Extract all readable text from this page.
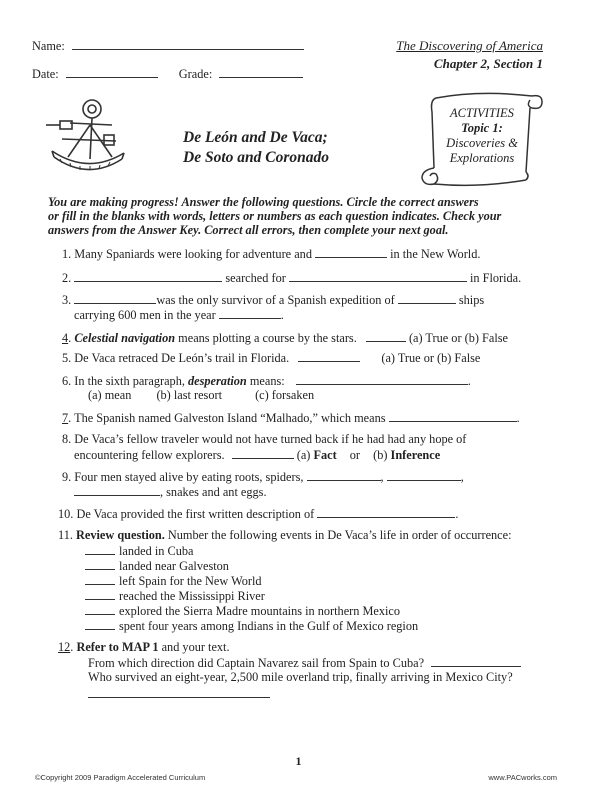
Name:
Date:	Grade:
The Discovering of America
Chapter 2, Section 1
De León and De Vaca;
De Soto and Coronado
ACTIVITIES
Topic 1:
Discoveries &
Explorations
You are making progress! Answer the following questions. Circle the correct answers
or fill in the blanks with words, letters or numbers as each question indicates. Check your
answers from the Answer Key. Correct all errors, then complete your next goal.
1. Many Spaniards were looking for adventure and	in the New World.
2.	searched for	in Florida.
3.	was the only survivor of a Spanish expedition of	ships
carrying 600 men in the year	.
4. Celestial navigation means plotting a course by the stars.	(a) True or (b) False
5. De Vaca retraced De León’s trail in Florida.	(a) True or (b) False
6. In the sixth paragraph, desperation means:	.
(a) mean (b) last resort	(c) forsaken
7. The Spanish named Galveston Island “Malhado,” which means	.
8. De Vaca’s fellow traveler would not have turned back if he had had any hope of
encountering fellow explorers.	(a) Fact or (b) Inference
9. Four men stayed alive by eating roots, spiders,	,	,
, snakes and ant eggs.
10. De Vaca provided the first written description of	.
11. Review question. Number the following events in De Vaca’s life in order of occurrence:
landed in Cuba
landed near Galveston
left Spain for the New World
reached the Mississippi River
explored the Sierra Madre mountains in northern Mexico
spent four years among Indians in the Gulf of Mexico region
12. Refer to MAP 1 and your text.
From which direction did Captain Navarez sail from Spain to Cuba?
Who survived an eight-year, 2,500 mile overland trip, finally arriving in Mexico City?
1
©Copyright 2009 Paradigm Accelerated Curriculum	www.PACworks.com
